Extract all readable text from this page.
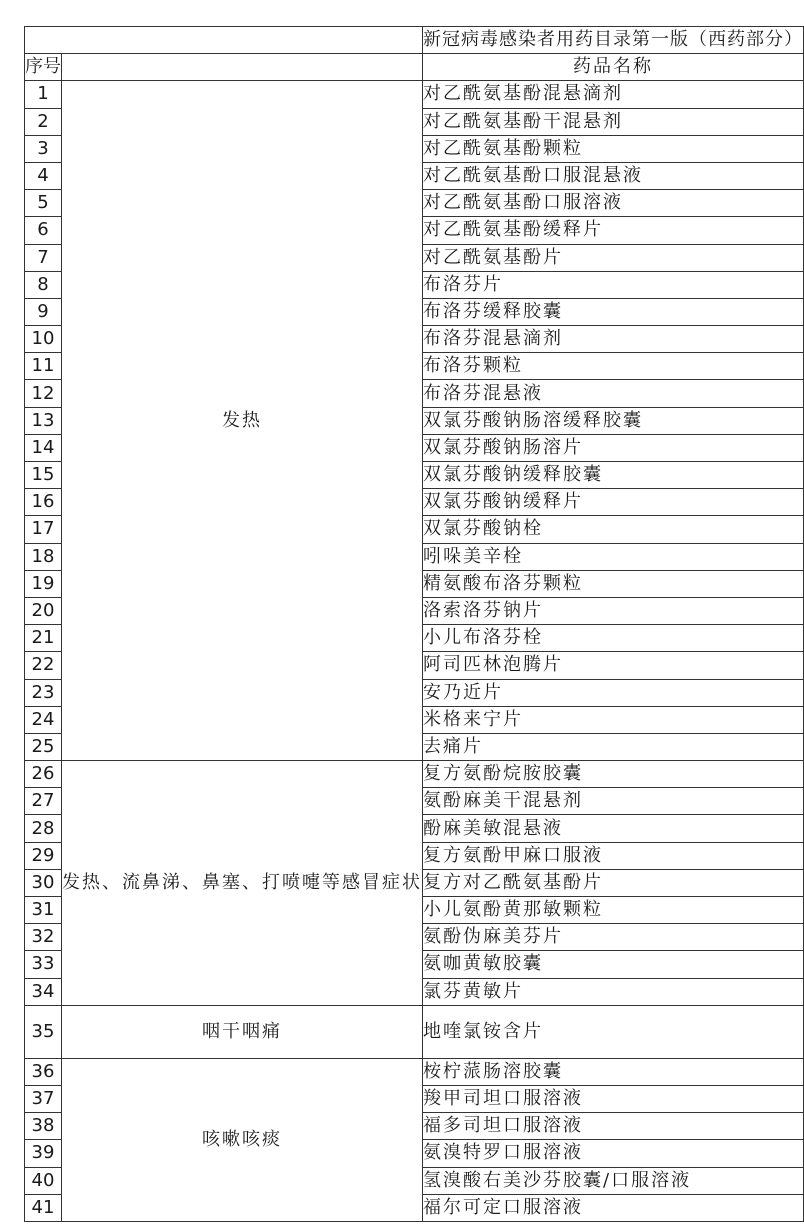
		新冠病毒感染者用药目录第一版（西药部分）
序号		药品名称
1	发热	对乙酰氨基酚混悬滴剂
2		对乙酰氨基酚干混悬剂
3		对乙酰氨基酚颗粒
4		对乙酰氨基酚口服混悬液
5		对乙酰氨基酚口服溶液
6		对乙酰氨基酚缓释片
7		对乙酰氨基酚片
8		布洛芬片
9		布洛芬缓释胶囊
10		布洛芬混悬滴剂
11		布洛芬颗粒
12		布洛芬混悬液
13		双氯芬酸钠肠溶缓释胶囊
14		双氯芬酸钠肠溶片
15		双氯芬酸钠缓释胶囊
16		双氯芬酸钠缓释片
17		双氯芬酸钠栓
18		吲哚美辛栓
19		精氨酸布洛芬颗粒
20		洛索洛芬钠片
21		小儿布洛芬栓
22		阿司匹林泡腾片
23		安乃近片
24		米格来宁片
25		去痛片
26	发热、流鼻涕、鼻塞、打喷嚏等感冒症状	复方氨酚烷胺胶囊
27		氨酚麻美干混悬剂
28		酚麻美敏混悬液
29		复方氨酚甲麻口服液
30		复方对乙酰氨基酚片
31		小儿氨酚黄那敏颗粒
32		氨酚伪麻美芬片
33		氨咖黄敏胶囊
34		氯芬黄敏片
35	咽干咽痛	地喹氯铵含片
36	咳嗽咳痰	桉柠蒎肠溶胶囊
37		羧甲司坦口服溶液
38		福多司坦口服溶液
39		氨溴特罗口服溶液
40		氢溴酸右美沙芬胶囊/口服溶液
41		福尔可定口服溶液
